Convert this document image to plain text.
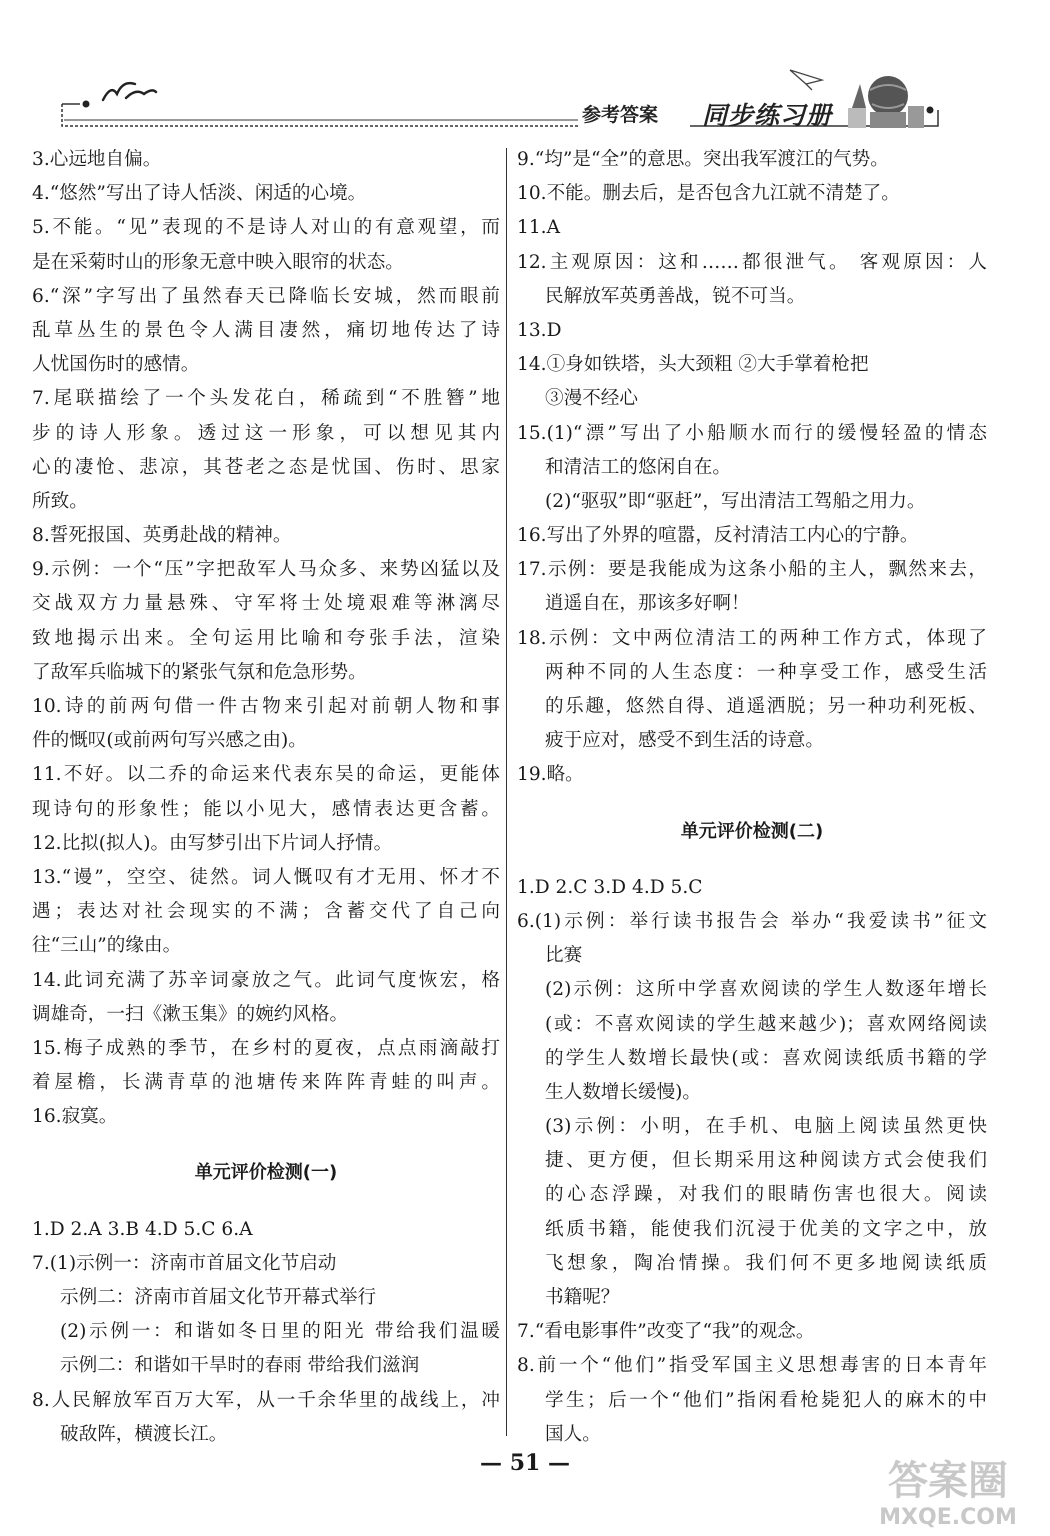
参考答案 同步练习册
3.心远地自偏。
4.“悠然”写出了诗人恬淡、闲适的心境。
5.不能。“见”表现的不是诗人对山的有意观望，而
是在采菊时山的形象无意中映入眼帘的状态。
6.“深”字写出了虽然春天已降临长安城，然而眼前
乱草丛生的景色令人满目凄然，痛切地传达了诗
人忧国伤时的感情。
7.尾联描绘了一个头发花白，稀疏到“不胜簪”地
步的诗人形象。透过这一形象，可以想见其内
心的凄怆、悲凉，其苍老之态是忧国、伤时、思家
所致。
8.誓死报国、英勇赴战的精神。
9.示例：一个“压”字把敌军人马众多、来势凶猛以及
交战双方力量悬殊、守军将士处境艰难等淋漓尽
致地揭示出来。全句运用比喻和夸张手法，渲染
了敌军兵临城下的紧张气氛和危急形势。
10.诗的前两句借一件古物来引起对前朝人物和事
件的慨叹(或前两句写兴感之由)。
11.不好。以二乔的命运来代表东吴的命运，更能体
现诗句的形象性；能以小见大，感情表达更含蓄。
12.比拟(拟人)。由写梦引出下片词人抒情。
13.“谩”，空空、徒然。词人慨叹有才无用、怀才不
遇；表达对社会现实的不满；含蓄交代了自己向
往“三山”的缘由。
14.此词充满了苏辛词豪放之气。此词气度恢宏，格
调雄奇，一扫《漱玉集》的婉约风格。
15.梅子成熟的季节，在乡村的夏夜，点点雨滴敲打
着屋檐，长满青草的池塘传来阵阵青蛙的叫声。
16.寂寞。
单元评价检测(一)
1.D 2.A 3.B 4.D 5.C 6.A
7.(1)示例一：济南市首届文化节启动
示例二：济南市首届文化节开幕式举行
(2)示例一：和谐如冬日里的阳光 带给我们温暖
示例二：和谐如干旱时的春雨 带给我们滋润
8.人民解放军百万大军，从一千余华里的战线上，冲
破敌阵，横渡长江。
9.“均”是“全”的意思。突出我军渡江的气势。
10.不能。删去后，是否包含九江就不清楚了。
11.A
12.主观原因：这和……都很泄气。 客观原因：人
民解放军英勇善战，锐不可当。
13.D
14.①身如铁塔，头大颈粗 ②大手掌着枪把
③漫不经心
15.(1)“漂”写出了小船顺水而行的缓慢轻盈的情态
和清洁工的悠闲自在。
(2)“驱驭”即“驱赶”，写出清洁工驾船之用力。
16.写出了外界的喧嚣，反衬清洁工内心的宁静。
17.示例：要是我能成为这条小船的主人，飘然来去，
逍遥自在，那该多好啊！
18.示例：文中两位清洁工的两种工作方式，体现了
两种不同的人生态度：一种享受工作，感受生活
的乐趣，悠然自得、逍遥洒脱；另一种功利死板、
疲于应对，感受不到生活的诗意。
19.略。
单元评价检测(二)
1.D 2.C 3.D 4.D 5.C
6.(1)示例：举行读书报告会 举办“我爱读书”征文
比赛
(2)示例：这所中学喜欢阅读的学生人数逐年增长
(或：不喜欢阅读的学生越来越少)；喜欢网络阅读
的学生人数增长最快(或：喜欢阅读纸质书籍的学
生人数增长缓慢)。
(3)示例：小明，在手机、电脑上阅读虽然更快
捷、更方便，但长期采用这种阅读方式会使我们
的心态浮躁，对我们的眼睛伤害也很大。阅读
纸质书籍，能使我们沉浸于优美的文字之中，放
飞想象，陶冶情操。我们何不更多地阅读纸质
书籍呢？
7.“看电影事件”改变了“我”的观念。
8.前一个“他们”指受军国主义思想毒害的日本青年
学生；后一个“他们”指闲看枪毙犯人的麻木的中
国人。
— 51 —	答案圈
MXQE.COM
